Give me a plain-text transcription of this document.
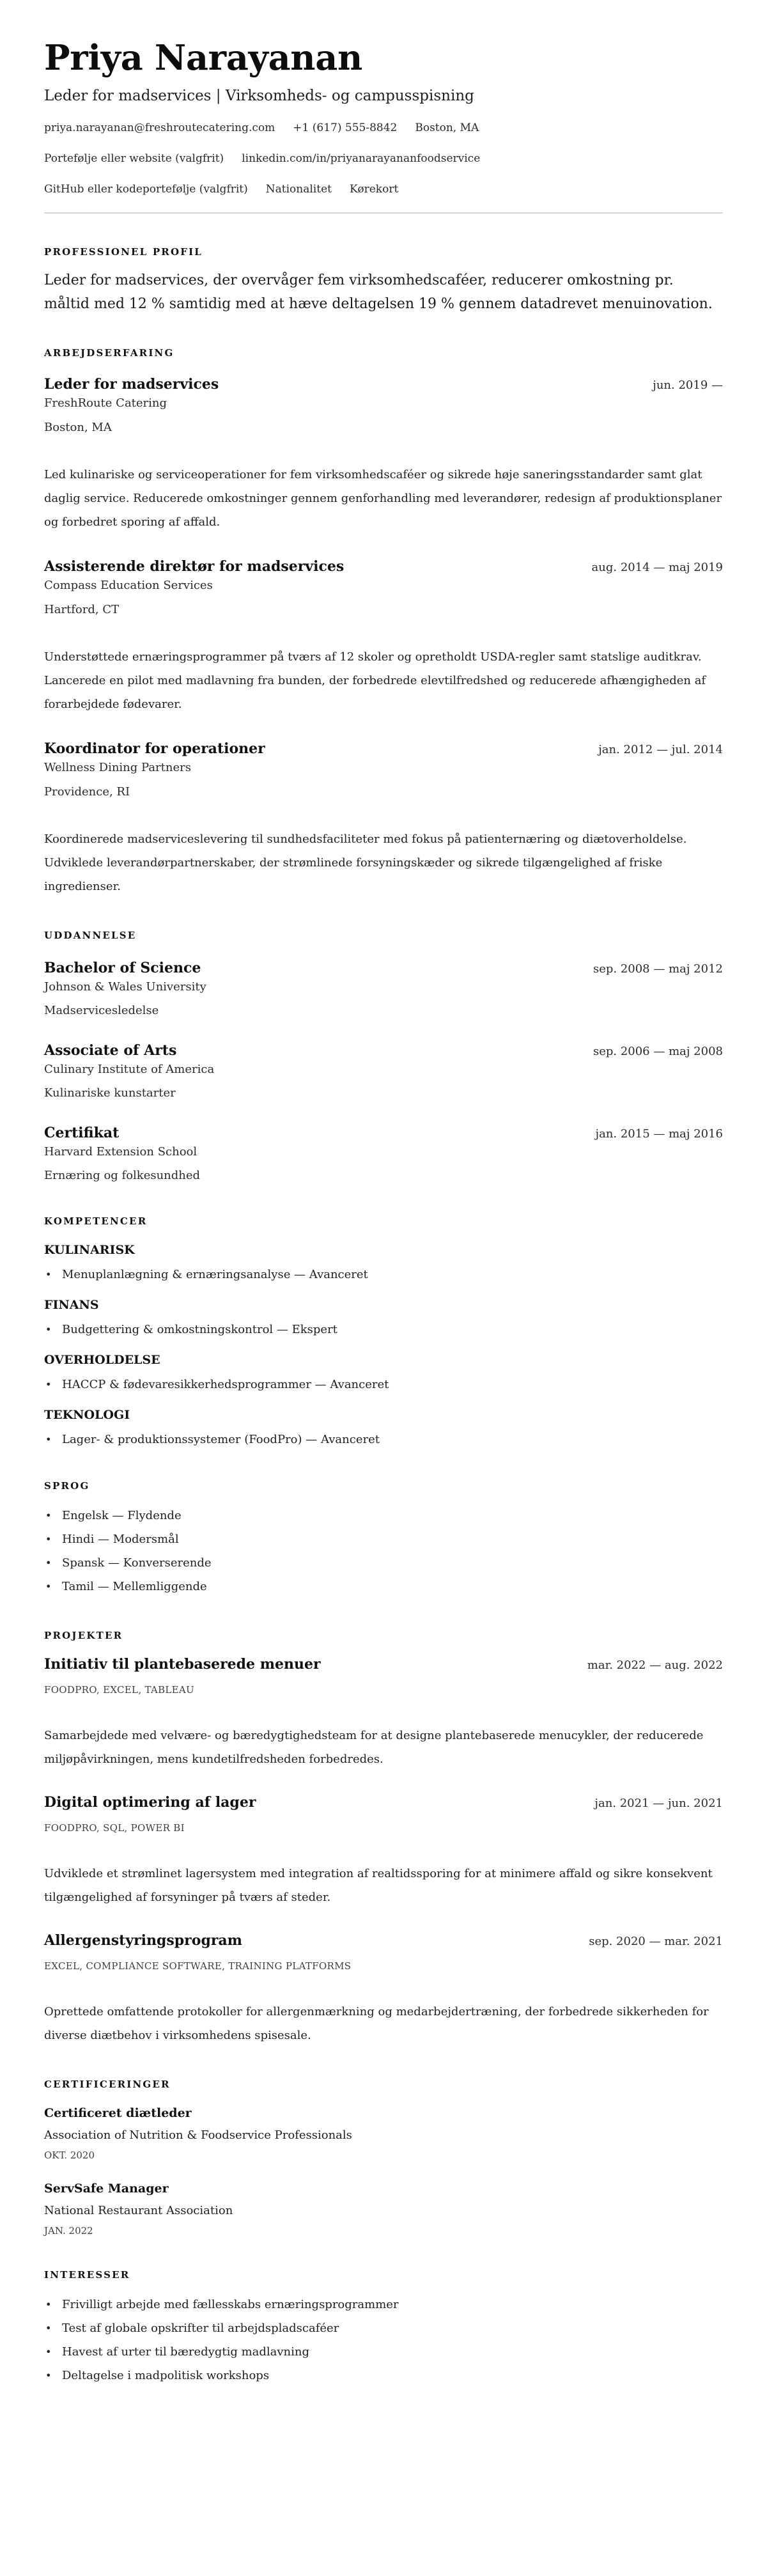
Priya Narayanan
Leder for madservices | Virksomheds- og campusspisning
priya.narayanan@freshroutecatering.com +1 (617) 555-8842 Boston, MA
Portefølje eller website (valgfrit) linkedin.com/in/priyanarayananfoodservice
GitHub eller kodeportefølje (valgfrit) Nationalitet Kørekort
PROFESSIONEL PROFIL

Leder for madservices, der overvåger fem virksomhedscaféer, reducerer omkostning pr. måltid med 12 % samtidig med at hæve deltagelsen 19 % gennem datadrevet menuinovation.

ARBEJDSERFARING
Leder for madservices	jun. 2019 —
FreshRoute Catering
Boston, MA

Led kulinariske og serviceoperationer for fem virksomhedscaféer og sikrede høje saneringsstandarder samt glat daglig service. Reducerede omkostninger gennem genforhandling med leverandører, redesign af produktionsplaner og forbedret sporing af affald.

Assisterende direktør for madservices	aug. 2014 — maj 2019
Compass Education Services
Hartford, CT

Understøttede ernæringsprogrammer på tværs af 12 skoler og opretholdt USDA-regler samt statslige auditkrav. Lancerede en pilot med madlavning fra bunden, der forbedrede elevtilfredshed og reducerede afhængigheden af forarbejdede fødevarer.

Koordinator for operationer	jan. 2012 — jul. 2014
Wellness Dining Partners
Providence, RI

Koordinerede madserviceslevering til sundhedsfaciliteter med fokus på patienternæring og diætoverholdelse. Udviklede leverandørpartnerskaber, der strømlinede forsyningskæder og sikrede tilgængelighed af friske ingredienser.

UDDANNELSE
Bachelor of Science	sep. 2008 — maj 2012
Johnson & Wales University
Madservicesledelse
Associate of Arts	sep. 2006 — maj 2008
Culinary Institute of America
Kulinariske kunstarter
Certifikat	jan. 2015 — maj 2016
Harvard Extension School
Ernæring og folkesundhed
KOMPETENCER
KULINARISK
• Menuplanlægning & ernæringsanalyse — Avanceret
FINANS
• Budgettering & omkostningskontrol — Ekspert
OVERHOLDELSE
• HACCP & fødevaresikkerhedsprogrammer — Avanceret
TEKNOLOGI
• Lager- & produktionssystemer (FoodPro) — Avanceret
SPROG
• Engelsk — Flydende
• Hindi — Modersmål
• Spansk — Konverserende
• Tamil — Mellemliggende
PROJEKTER
Initiativ til plantebaserede menuer	mar. 2022 — aug. 2022
FOODPRO, EXCEL, TABLEAU

Samarbejdede med velvære- og bæredygtighedsteam for at designe plantebaserede menucykler, der reducerede miljøpåvirkningen, mens kundetilfredsheden forbedredes.

Digital optimering af lager	jan. 2021 — jun. 2021
FOODPRO, SQL, POWER BI

Udviklede et strømlinet lagersystem med integration af realtidssporing for at minimere affald og sikre konsekvent tilgængelighed af forsyninger på tværs af steder.

Allergenstyringsprogram	sep. 2020 — mar. 2021
EXCEL, COMPLIANCE SOFTWARE, TRAINING PLATFORMS

Oprettede omfattende protokoller for allergenmærkning og medarbejdertræning, der forbedrede sikkerheden for diverse diætbehov i virksomhedens spisesale.

CERTIFICERINGER
Certificeret diætleder
Association of Nutrition & Foodservice Professionals
OKT. 2020
ServSafe Manager
National Restaurant Association
JAN. 2022
INTERESSER
• Frivilligt arbejde med fællesskabs ernæringsprogrammer
• Test af globale opskrifter til arbejdspladscaféer
• Havest af urter til bæredygtig madlavning
• Deltagelse i madpolitisk workshops
